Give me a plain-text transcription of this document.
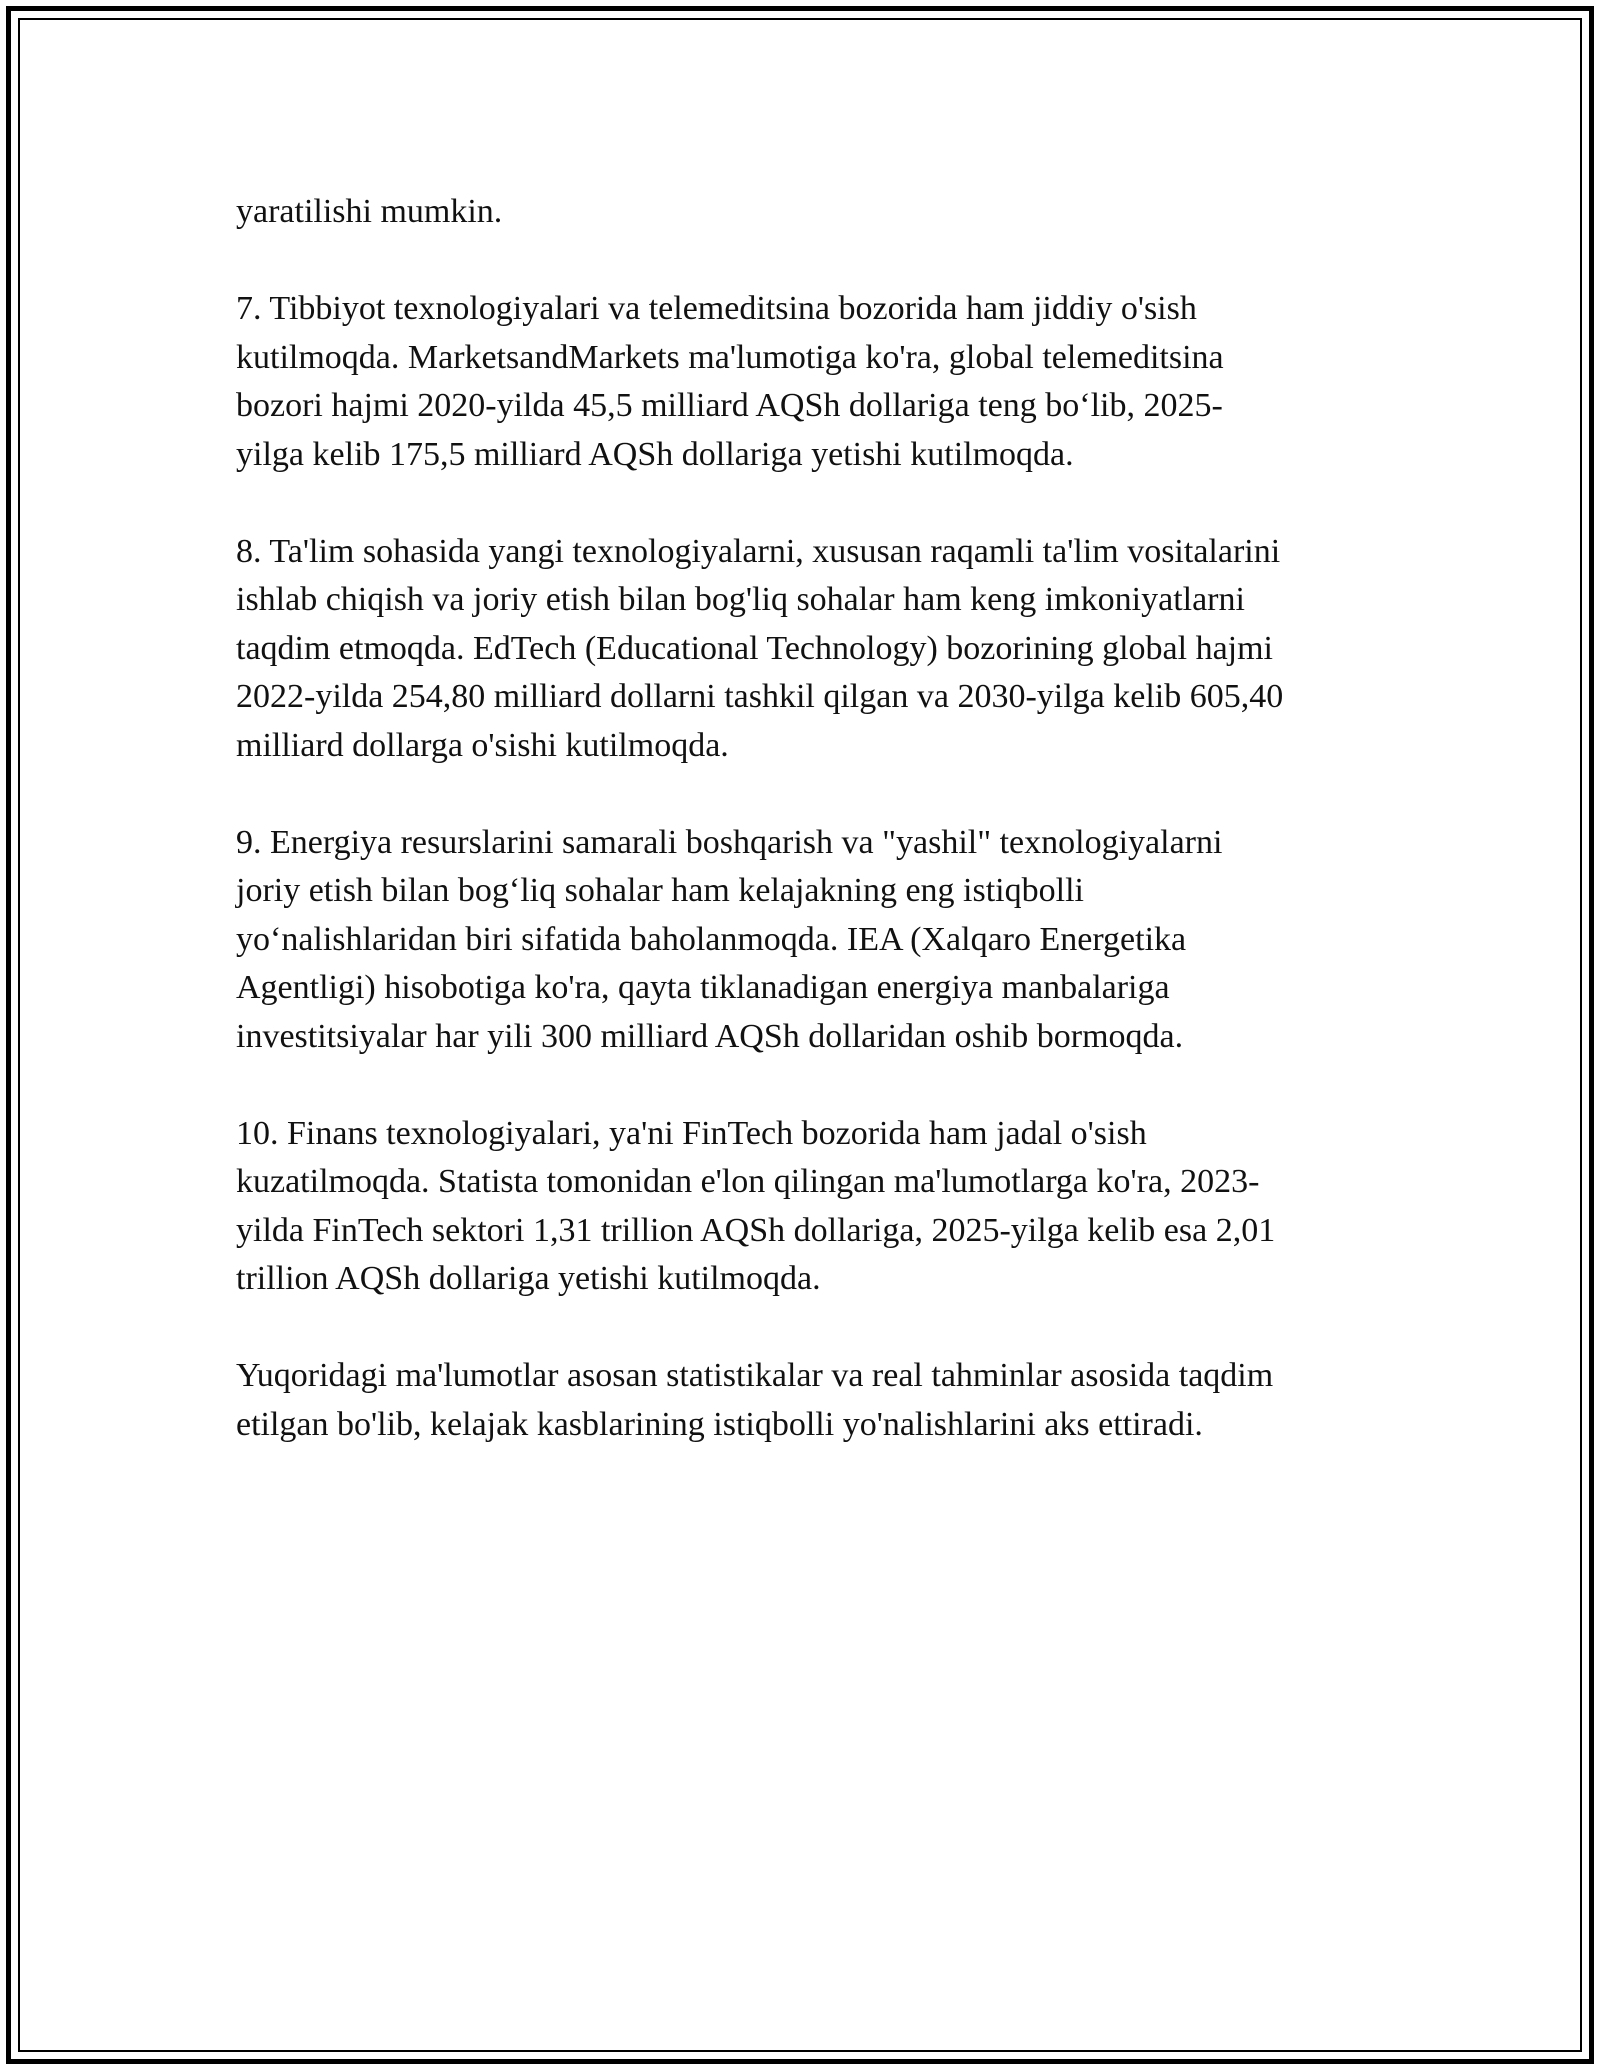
yaratilishi mumkin.

7. Tibbiyot texnologiyalari va telemeditsina bozorida ham jiddiy o'sish
kutilmoqda. MarketsandMarkets ma'lumotiga ko'ra, global telemeditsina
bozori hajmi 2020-yilda 45,5 milliard AQSh dollariga teng bo‘lib, 2025-
yilga kelib 175,5 milliard AQSh dollariga yetishi kutilmoqda.

8. Ta'lim sohasida yangi texnologiyalarni, xususan raqamli ta'lim vositalarini
ishlab chiqish va joriy etish bilan bog'liq sohalar ham keng imkoniyatlarni
taqdim etmoqda. EdTech (Educational Technology) bozorining global hajmi
2022-yilda 254,80 milliard dollarni tashkil qilgan va 2030-yilga kelib 605,40
milliard dollarga o'sishi kutilmoqda.

9. Energiya resurslarini samarali boshqarish va "yashil" texnologiyalarni
joriy etish bilan bog‘liq sohalar ham kelajakning eng istiqbolli
yo‘nalishlaridan biri sifatida baholanmoqda. IEA (Xalqaro Energetika
Agentligi) hisobotiga ko'ra, qayta tiklanadigan energiya manbalariga
investitsiyalar har yili 300 milliard AQSh dollaridan oshib bormoqda.

10. Finans texnologiyalari, ya'ni FinTech bozorida ham jadal o'sish
kuzatilmoqda. Statista tomonidan e'lon qilingan ma'lumotlarga ko'ra, 2023-
yilda FinTech sektori 1,31 trillion AQSh dollariga, 2025-yilga kelib esa 2,01
trillion AQSh dollariga yetishi kutilmoqda.

Yuqoridagi ma'lumotlar asosan statistikalar va real tahminlar asosida taqdim
etilgan bo'lib, kelajak kasblarining istiqbolli yo'nalishlarini aks ettiradi.
